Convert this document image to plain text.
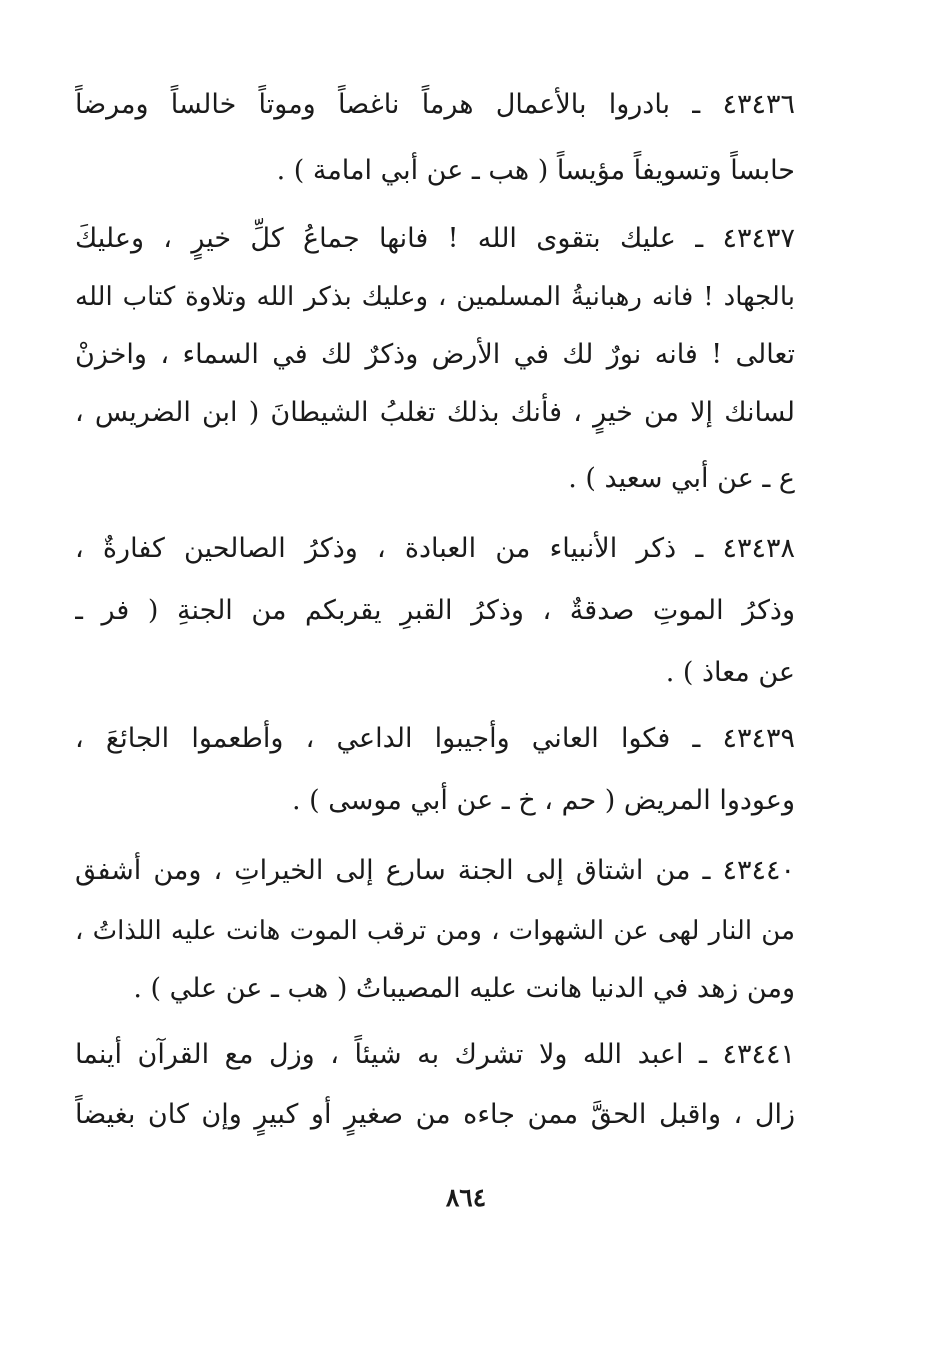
٤٣٤٣٦ ـ بادروا بالأعمال هرماً ناغصاً وموتاً خالساً ومرضاً
حابساً وتسويفاً مؤيساً ( هب ـ عن أبي امامة ) .
٤٣٤٣٧ ـ عليك بتقوى الله ! فانها جماعُ كلِّ خيرٍ ، وعليكَ
بالجهاد ! فانه رهبانيةُ المسلمين ، وعليك بذكر الله وتلاوة كتاب الله
تعالى ! فانه نورٌ لك في الأرض وذكرٌ لك في السماء ، واخزنْ
لسانك إلا من خيرٍ ، فأنك بذلك تغلبُ الشيطانَ ( ابن الضريس ،
ع ـ عن أبي سعيد ) .
٤٣٤٣٨ ـ ذكر الأنبياء من العبادة ، وذكرُ الصالحين كفارةٌ ،
وذكرُ الموتِ صدقةٌ ، وذكرُ القبرِ يقربكم من الجنةِ ( فر ـ
عن معاذ ) .
٤٣٤٣٩ ـ فكوا العاني وأجيبوا الداعي ، وأطعموا الجائعَ ،
وعودوا المريض ( حم ، خ ـ عن أبي موسى ) .
٤٣٤٤٠ ـ من اشتاق إلى الجنة سارع إلى الخيراتِ ، ومن أشفق
من النار لهى عن الشهوات ، ومن ترقب الموت هانت عليه اللذاتُ ،
ومن زهد في الدنيا هانت عليه المصيباتُ ( هب ـ عن علي ) .
٤٣٤٤١ ـ اعبد الله ولا تشرك به شيئاً ، وزل مع القرآن أينما
زال ، واقبل الحقَّ ممن جاءه من صغيرٍ أو كبيرٍ وإن كان بغيضاً
٨٦٤
